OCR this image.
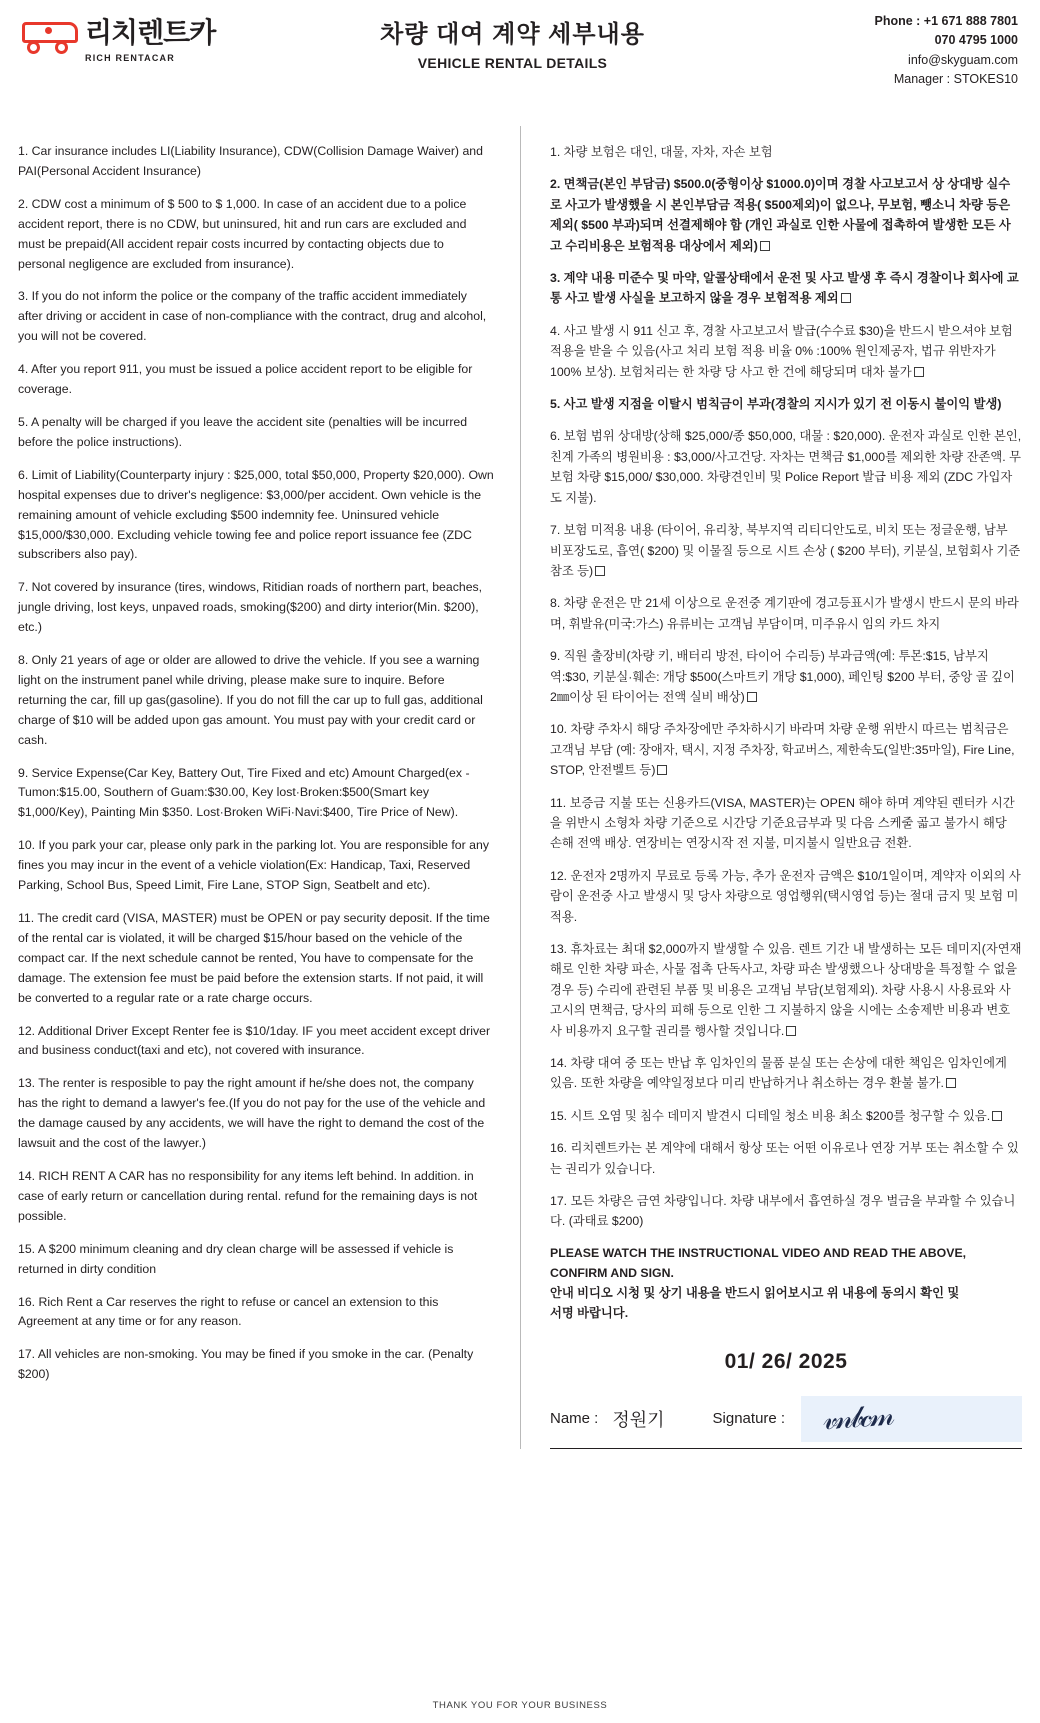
리치렌트카
RICH RENTACAR
차량 대여 계약 세부내용
VEHICLE RENTAL DETAILS
Phone : +1 671 888 7801
070 4795 1000
info@skyguam.com
Manager : STOKES10
1. Car insurance includes LI(Liability Insurance), CDW(Collision Damage Waiver) and PAI(Personal Accident Insurance)
2. CDW cost a minimum of $ 500 to $ 1,000. In case of an accident due to a police accident report, there is no CDW, but uninsured, hit and run cars are excluded and must be prepaid(All accident repair costs incurred by contacting objects due to personal negligence are excluded from insurance).
3. If you do not inform the police or the company of the traffic accident immediately after driving or accident in case of non-compliance with the contract, drug and alcohol, you will not be covered.
4. After you report 911, you must be issued a police accident report to be eligible for coverage.
5. A penalty will be charged if you leave the accident site (penalties will be incurred before the police instructions).
6. Limit of Liability(Counterparty injury : $25,000, total $50,000, Property $20,000). Own hospital expenses due to driver's negligence: $3,000/per accident. Own vehicle is the remaining amount of vehicle excluding $500 indemnity fee. Uninsured vehicle $15,000/$30,000. Excluding vehicle towing fee and police report issuance fee (ZDC subscribers also pay).
7. Not covered by insurance (tires, windows, Ritidian roads of northern part, beaches, jungle driving, lost keys, unpaved roads, smoking($200) and dirty interior(Min. $200), etc.)
8. Only 21 years of age or older are allowed to drive the vehicle. If you see a warning light on the instrument panel while driving, please make sure to inquire. Before returning the car, fill up gas(gasoline). If you do not fill the car up to full gas, additional charge of $10 will be added upon gas amount. You must pay with your credit card or cash.
9. Service Expense(Car Key, Battery Out, Tire Fixed and etc) Amount Charged(ex -Tumon:$15.00, Southern of Guam:$30.00, Key lost·Broken:$500(Smart key $1,000/Key), Painting Min $350. Lost·Broken WiFi·Navi:$400, Tire Price of New).
10. If you park your car, please only park in the parking lot. You are responsible for any fines you may incur in the event of a vehicle violation(Ex: Handicap, Taxi, Reserved Parking, School Bus, Speed Limit, Fire Lane, STOP Sign, Seatbelt and etc).
11. The credit card (VISA, MASTER) must be OPEN or pay security deposit. If the time of the rental car is violated, it will be charged $15/hour based on the vehicle of the compact car. If the next schedule cannot be rented, You have to compensate for the damage. The extension fee must be paid before the extension starts. If not paid, it will be converted to a regular rate or a rate charge occurs.
12. Additional Driver Except Renter fee is $10/1day. IF you meet accident except driver and business conduct(taxi and etc), not covered with insurance.
13. The renter is resposible to pay the right amount if he/she does not, the company has the right to demand a lawyer's fee.(If you do not pay for the use of the vehicle and the damage caused by any accidents, we will have the right to demand the cost of the lawsuit and the cost of the lawyer.)
14. RICH RENT A CAR has no responsibility for any items left behind. In addition. in case of early return or cancellation during rental. refund for the remaining days is not possible.
15. A $200 minimum cleaning and dry clean charge will be assessed if vehicle is returned in dirty condition
16. Rich Rent a Car reserves the right to refuse or cancel an extension to this Agreement at any time or for any reason.
17. All vehicles are non-smoking. You may be fined if you smoke in the car. (Penalty $200)
1. 차량 보험은 대인, 대물, 자차, 자손 보험
2. 면책금(본인 부담금) $500.0(중형이상 $1000.0)이며 경찰 사고보고서 상 상대방 실수로 사고가 발생했을 시 본인부담금 적용( $500제외)이 없으나, 무보험, 뺑소니 차량 등은 제외( $500 부과)되며 선결제해야 함 (개인 과실로 인한 사물에 접촉하여 발생한 모든 사고 수리비용은 보험적용 대상에서 제외)
3. 계약 내용 미준수 및 마약, 알콜상태에서 운전 및 사고 발생 후 즉시 경찰이나 회사에 교통 사고 발생 사실을 보고하지 않을 경우 보험적용 제외
4. 사고 발생 시 911 신고 후, 경찰 사고보고서 발급(수수료 $30)을 반드시 받으셔야 보험 적용을 받을 수 있음(사고 처리 보험 적용 비율 0% :100% 원인제공자, 법규 위반자가 100% 보상). 보험처리는 한 차량 당 사고 한 건에 해당되며 대차 불가
5. 사고 발생 지점을 이탈시 범칙금이 부과(경찰의 지시가 있기 전 이동시 불이익 발생)
6. 보험 범위 상대방(상해 $25,000/종 $50,000, 대물 : $20,000). 운전자 과실로 인한 본인, 친계 가족의 병원비용 : $3,000/사고건당. 자차는 면책금 $1,000를 제외한 차량 잔존액. 무보험 차량 $15,000/ $30,000. 차량견인비 및 Police Report 발급 비용 제외 (ZDC 가입자도 지불).
7. 보험 미적용 내용 (타이어, 유리창, 북부지역 리티디안도로, 비치 또는 정글운행, 남부 비포장도로, 흡연( $200) 및 이물질 등으로 시트 손상 ( $200 부터), 키분실, 보험회사 기준 참조 등)
8. 차량 운전은 만 21세 이상으로 운전중 계기판에 경고등표시가 발생시 반드시 문의 바라며, 휘발유(미국:가스) 유류비는 고객님 부담이며, 미주유시 임의 카드 차지
9. 직원 출장비(차량 키, 배터리 방전, 타이어 수리등) 부과금액(예: 투몬:$15, 남부지역:$30, 키분실·훼손: 개당 $500(스마트키 개당 $1,000), 페인팅 $200 부터, 중앙 골 깊이 2㎜이상 된 타이어는 전액 실비 배상)
10. 차량 주차시 해당 주차장에만 주차하시기 바라며 차량 운행 위반시 따르는 범칙금은 고객님 부담 (예: 장애자, 택시, 지정 주차장, 학교버스, 제한속도(일반:35마일), Fire Line, STOP, 안전벨트 등)
11. 보증금 지불 또는 신용카드(VISA, MASTER)는 OPEN 해야 하며 계약된 렌터카 시간을 위반시 소형차 차량 기준으로 시간당 기준요금부과 및 다음 스케줄 곫고 불가시 해당 손해 전액 배상. 연장비는 연장시작 전 지불, 미지불시 일반요금 전환.
12. 운전자 2명까지 무료로 등록 가능, 추가 운전자 금액은 $10/1일이며, 계약자 이외의 사람이 운전중 사고 발생시 및 당사 차량으로 영업행위(택시영업 등)는 절대 금지 및 보험 미적용.
13. 휴차료는 최대 $2,000까지 발생할 수 있음. 렌트 기간 내 발생하는 모든 데미지(자연재해로 인한 차량 파손, 사물 접촉 단독사고, 차량 파손 발생했으나 상대방을 특정할 수 없을 경우 등) 수리에 관련된 부품 및 비용은 고객님 부담(보험제외). 차량 사용시 사용료와 사고시의 면책금, 당사의 피해 등으로 인한 그 지불하지 않을 시에는 소송제반 비용과 변호사 비용까지 요구할 권리를 행사할 것입니다.
14. 차량 대여 중 또는 반납 후 임차인의 물품 분실 또는 손상에 대한 책임은 임차인에게 있음. 또한 차량을 예약일정보다 미리 반납하거나 취소하는 경우 환불 불가.
15. 시트 오염 및 침수 데미지 발견시 디테일 청소 비용 최소 $200를 청구할 수 있음.
16. 리치렌트카는 본 계약에 대해서 항상 또는 어떤 이유로나 연장 거부 또는 취소할 수 있는 권리가 있습니다.
17. 모든 차량은 금연 차량입니다. 차량 내부에서 흡연하실 경우 벌금을 부과할 수 있습니다. (과태료 $200)
PLEASE WATCH THE INSTRUCTIONAL VIDEO AND READ THE ABOVE,
CONFIRM AND SIGN.
안내 비디오 시청 및 상기 내용을 반드시 읽어보시고 위 내용에 동의시 확인 및
서명 바랍니다.
01/ 26/ 2025
Name : 정원기	Signature : 𝓋𝓃𝒷𝒸𝓂
THANK YOU FOR YOUR BUSINESS
